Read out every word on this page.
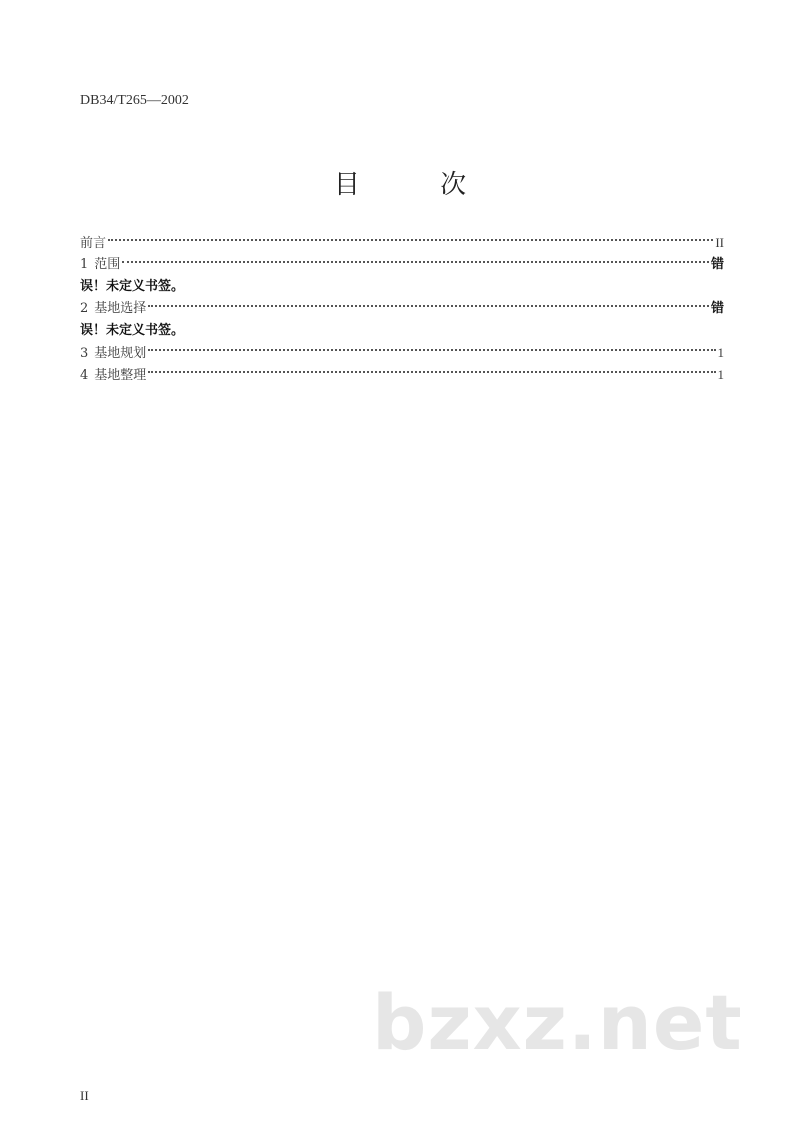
DB34/T265—2002
目 次
前言	II
1 范围	错
误！未定义书签。
2 基地选择	错
误！未定义书签。
3 基地规划	1
4 基地整理	1
bzxz.net
II
